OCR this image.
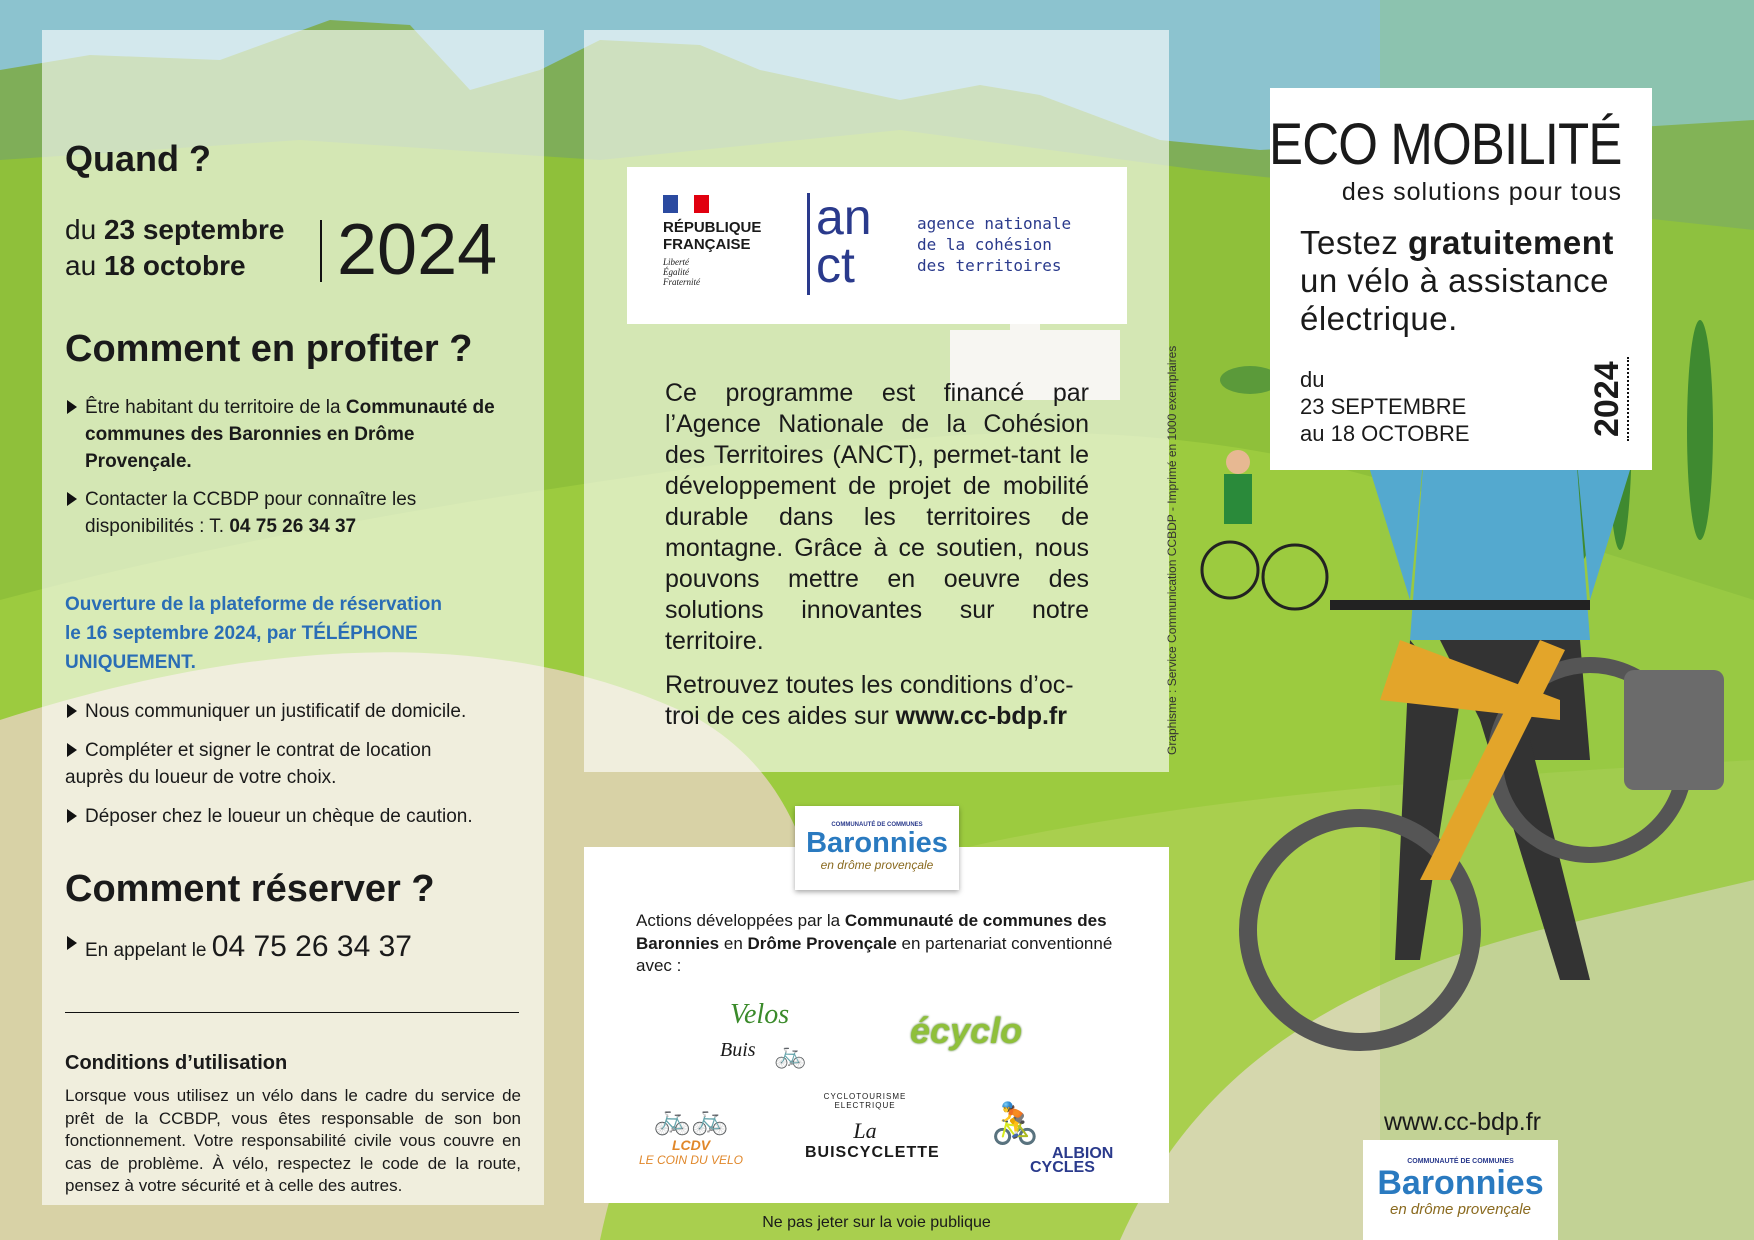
Quand ?
du 23 septembre
au 18 octobre	2024
Comment en profiter ?
Être habitant du territoire de la Communauté de communes des Baronnies en Drôme Provençale.
Contacter la CCBDP pour connaître les disponibilités : T. 04 75 26 34 37
Ouverture de la plateforme de réservation
le 16 septembre 2024, par TÉLÉPHONE
UNIQUEMENT.
Nous communiquer un justificatif de domicile.
Compléter et signer le contrat de location
auprès du loueur de votre choix.
Déposer chez le loueur un chèque de caution.
Comment réserver ?
En appelant le 04 75 26 34 37
Conditions d’utilisation
Lorsque vous utilisez un vélo dans le cadre du service de prêt de la CCBDP, vous êtes responsable de son bon fonctionnement. Votre responsabilité civile vous couvre en cas de problème. À vélo, respectez le code de la route, pensez à votre sécurité et à celle des autres.
RÉPUBLIQUE
FRANÇAISE
Liberté
Égalité
Fraternité
an
ct
agence nationale
de la cohésion
des territoires
Ce programme est financé par l’Agence Nationale de la Cohésion des Territoires (ANCT), permet-tant le développement de projet de mobilité durable dans les territoires de montagne. Grâce à ce soutien, nous pouvons mettre en oeuvre des solutions innovantes sur notre territoire.
Retrouvez toutes les conditions d’oc-troi de ces aides sur www.cc-bdp.fr	Graphisme : Service Communication CCBDP - Imprimé en 1000 exemplaires
COMMUNAUTÉ DE COMMUNES
Baronnies
en drôme provençale
Actions développées par la Communauté de communes des Baronnies en Drôme Provençale en partenariat conventionné avec :
Velos
Buis 🚲
écyclo
🚲🚲
LCDV
LE COIN DU VELO
CYCLOTOURISME ELECTRIQUE
La
BUISCYCLETTE
🚴
ALBION
CYCLES
Ne pas jeter sur la voie publique
ECO MOBILITÉ
des solutions pour tous
Testez gratuitement
un vélo à assistance
électrique.
du
23 SEPTEMBRE
au 18 OCTOBRE	2024
www.cc-bdp.fr
COMMUNAUTÉ DE COMMUNES
Baronnies
en drôme provençale
